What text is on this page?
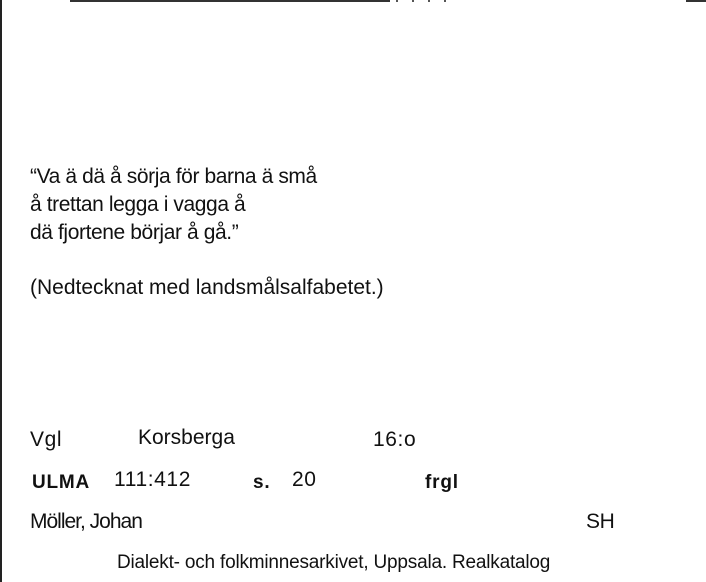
“Va ä dä å sörja för barna ä små
å trettan legga i vagga å
dä fjortene börjar å gå.”
(Nedtecknat med landsmålsalfabetet.)
Vgl	Korsberga	16:o
ULMA 111:412	s. 20	frgl
Möller, Johan	SH
Dialekt- och folkminnesarkivet, Uppsala. Realkatalog
